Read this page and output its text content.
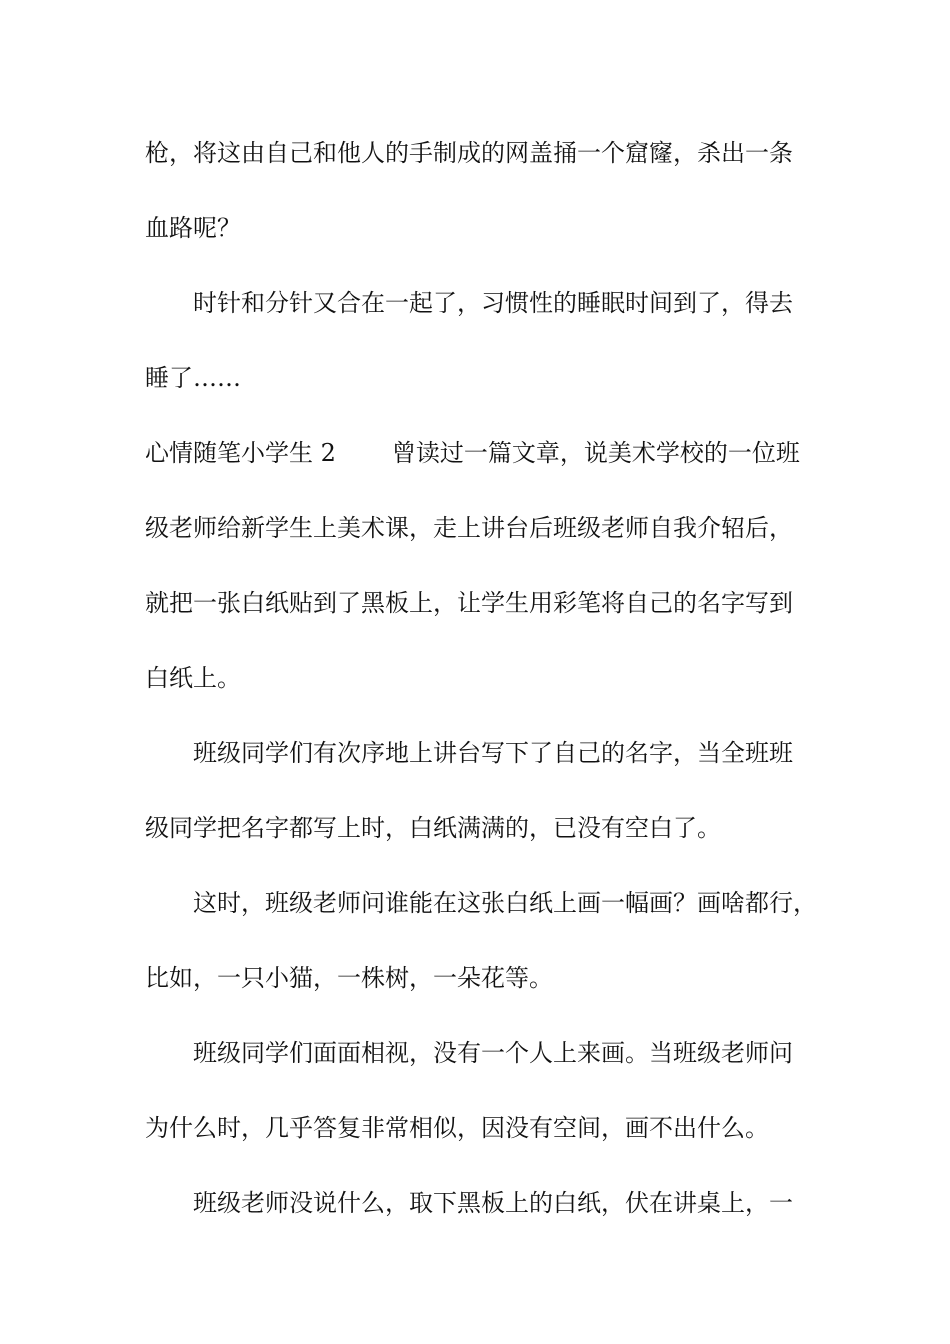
枪，将这由自己和他人的手制成的网盖捅一个窟窿，杀出一条
血路呢？
时针和分针又合在一起了，习惯性的睡眠时间到了，得去
睡了……
心情随笔小学生 2 曾读过一篇文章，说美术学校的一位班
级老师给新学生上美术课，走上讲台后班级老师自我介轺后，
就把一张白纸贴到了黑板上，让学生用彩笔将自己的名字写到
白纸上。
班级同学们有次序地上讲台写下了自己的名字，当全班班
级同学把名字都写上时，白纸满满的，已没有空白了。
这时，班级老师问谁能在这张白纸上画一幅画？画啥都行，
比如，一只小猫，一株树，一朵花等。
班级同学们面面相视，没有一个人上来画。当班级老师问
为什么时，几乎答复非常相似，因没有空间，画不出什么。
班级老师没说什么，取下黑板上的白纸，伏在讲桌上，一
